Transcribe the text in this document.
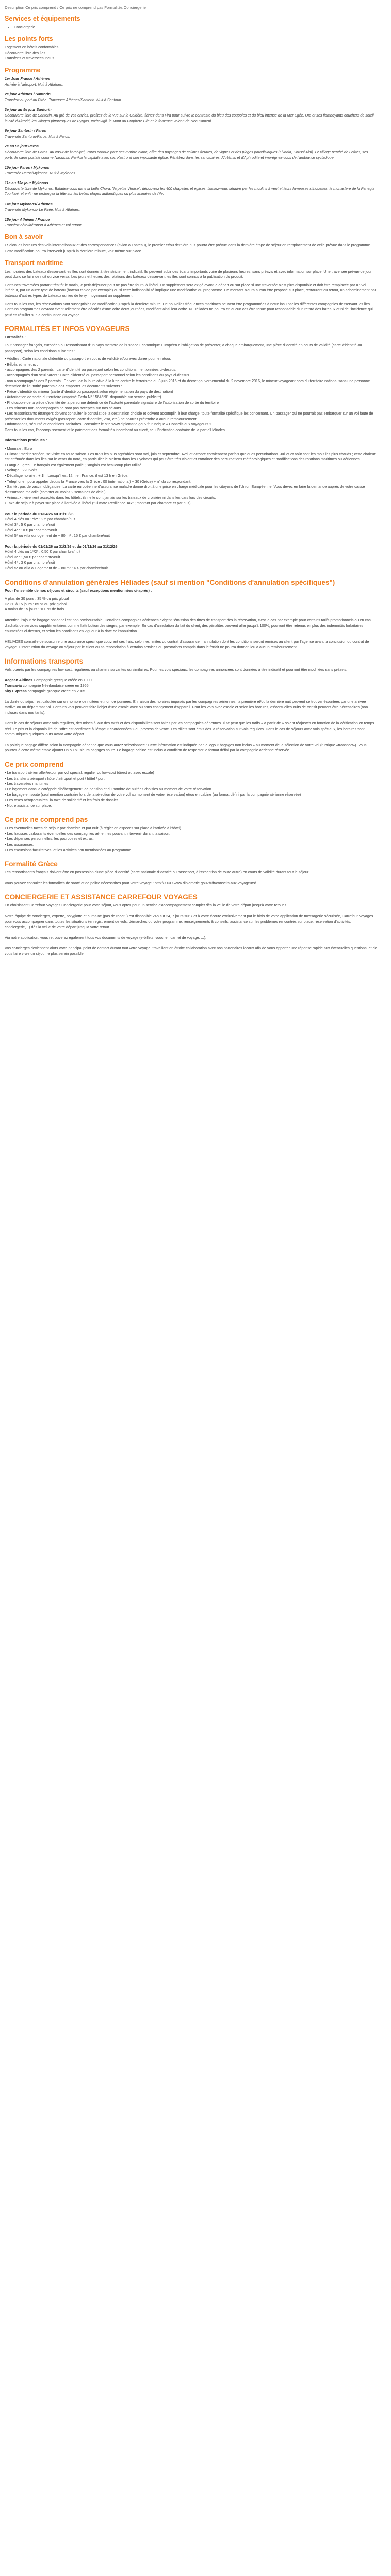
Description Ce prix comprend / Ce prix ne comprend pas Formalités Conciergerie
Services et équipements
• Conciergerie
Les points forts
Logement en hôtels confortables.
Découverte libre des îles.
Transferts et traversées inclus
Programme
1er Jour France / Athènes
Arrivée à l'aéroport. Nuit à Athènes.
2e jour Athènes / Santorin
Transfert au port du Pirée. Traversée Athènes/Santorin. Nuit à Santorin.
3e jour au 5e jour Santorin
Découverte libre de Santorin. Au gré de vos envies, profitez de la vue sur la Caldéra, flânez dans Fira pour suivre le contraste du bleu des coupoles et du bleu intense de la Mer Egée, Oïa et ses flamboyants couchers de soleil, la cité d'Akrotiri, les villages pittoresques de Pyrgos, Imérovigli, le Mont du Prophète Elie et le fameuse volcan de Nea Kameni.
6e jour Santorin / Paros
Traversée Santorin/Paros. Nuit à Paros.
7e au 9e jour Paros
Découverte libre de Paros. Au cœur de l'archipel, Paros connue pour ses marbre blanc, offre des paysages de collines fleuries, de vignes et des plages paradisiaques (Livadia, Chrissi Akti). Le village perché de Lefkès, ses ports de carte postale comme Naoussa, Parikia la capitale avec son Kastro et son imposante église. Pénétrez dans les sanctuaires d'Artémis et d'Aphrodite et imprégnez-vous de l'ambiance cycladique.
10e jour Paros / Mykonos
Traversée Paros/Mykonos. Nuit à Mykonos.
11e au 13e jour Mykonos
Découverte libre de Mykonos. Baladez-vous dans la belle Chora, "la petite Venise", découvrez les 400 chapelles et églises, laissez-vous séduire par les moulins à vent et leurs fameuses silhouettes, le monastère de la Panagia Tourliani, et enfin ne prolongez la fête sur les belles plages authentiques ou plus animées de l'île.
14e jour Mykonos/ Athènes
Traversée Mykonos/ Le Pirée. Nuit à Athènes.
15e jour Athènes / France
Transfert hôtel/aéroport à Athènes et vol retour.
Bon à savoir

• Selon les horaires des vols internationaux et des correspondances (avion ou bateau), le premier et/ou dernière nuit pourra être prévue dans la dernière étape de séjour en remplacement de celle prévue dans le programme. Cette modification pourra intervenir jusqu'à la dernière minute, voir même sur place.

Transport maritime

Les horaires des bateaux desservant les îles sont donnés à titre strictement indicatif. Ils peuvent subir des écarts importants voire de plusieurs heures, sans préavis et avec information sur place. Une traversée prévue de jour peut donc se faire de nuit ou vice versa. Les jours et heures des rotations des bateaux desservant les îles sont connus à la publication du produit.

Certaines traversées partant très tôt le matin, le petit-déjeuner peut ne pas être fourni à l'hôtel. Un supplément sera exigé avant le départ ou sur place si une traversée n'est plus disponible et doit être remplacée par un vol intérieur, par un autre type de bateau (bateau rapide par exemple) ou si cette indisponibilité implique une modification du programme. Ce montant n'aura aucun être proposé sur place, restaurant ou retour, un acheminement par bateaux d'autres types de bateaux ou lieu de ferry, moyennant un supplément.

Dans tous les cas, les réservations sont susceptibles de modification jusqu'à la dernière minute. De nouvelles fréquences maritimes peuvent être programmées à notre insu par les différentes compagnies desservant les îles. Certains programmes devront éventuellement être décalés d'une voire deux journées, modifiant ainsi leur ordre. Ni Héliades ne pourra en aucun cas être tenue pour responsable d'un retard des bateaux et ni de l'incidence qui peut en résulter sur la continuation du voyage.

FORMALITÉS ET INFOS VOYAGEURS

Formalités :

Tout passager français, européen ou ressortissant d'un pays membre de l'Espace Economique Européen a l'obligation de présenter, à chaque embarquement, une pièce d'identité en cours de validité (carte d'identité ou passeport), selon les conditions suivantes :

• Adultes : Carte nationale d'identité ou passeport en cours de validité et/ou avec durée pour le retour.
• Bébés et mineurs :
- accompagnés des 2 parents : carte d'identité ou passeport selon les conditions mentionnées ci-dessus.
- accompagnés d'un seul parent : Carte d'identité ou passeport personnel selon les conditions du pays ci-dessus.
- non accompagnés des 2 parents : En vertu de la loi relative à la lutte contre le terrorisme du 3 juin 2016 et du décret gouvernemental du 2 novembre 2016, le mineur voyageant hors du territoire national sans une personne détentrice de l'autorité parentale doit emporter les documents suivants :
• Pièce d'identité du mineur (carte d'identité ou passeport selon réglementation du pays de destination)
• Autorisation de sortie du territoire (imprimé Cerfa N° 15646*01 disponible sur service-public.fr)
• Photocopie de la pièce d'identité de la personne détentrice de l'autorité parentale signataire de l'autorisation de sortie du territoire
- Les mineurs non-accompagnés ne sont pas acceptés sur nos séjours.
• Les ressortissants étrangers doivent consulter le consulat de la destination choisie et doivent accomplir, à leur charge, toute formalité spécifique les concernant. Un passager qui ne pourrait pas embarquer sur un vol faute de présenter les documents exigés (passeport, carte d'identité, visa, etc.) ne pourrait prétendre à aucun remboursement.
• Informations, sécurité et conditions sanitaires : consultez le site www.diplomatie.gouv.fr, rubrique « Conseils aux voyageurs »
Dans tous les cas, l'accomplissement et le paiement des formalités incombent au client, seul l'indication contraire de la part d'Héliades.

Informations pratiques :

• Monnaie : Euro
• Climat : méditerranéen, se visite en toute saison. Les mois les plus agréables sont mai, juin et septembre. Avril et octobre conviennent parfois quelques perturbations. Juillet et août sont les mois les plus chauds ; cette chaleur est atténuée dans les îles par le vents du nord, en particulier le Meltem dans les Cyclades qui peut être très violent et entraîner des perturbations météorologiques et modifications des rotations maritimes ou aériennes.
• Langue : grec. Le français est également parlé ; l'anglais est beaucoup plus utilisé.
• Voltage : 220 volts.
• Décalage horaire : + 1h. Lorsqu'il est 12 h en France, il est 13 h en Grèce.
• Téléphone : pour appeler depuis la France vers la Grèce : 00 (international) + 30 (Grèce) + n° du correspondant.
• Santé : pas de vaccin obligatoire. La carte européenne d'assurance maladie donne droit à une prise en charge médicale pour les citoyens de l'Union Européenne. Vous devez en faire la demande auprès de votre caisse d'assurance maladie (compter au moins 2 semaines de délai).
• Animaux : vivement acceptés dans les hôtels, ils ne le sont jamais sur les bateaux de croisière ni dans les cars lors des circuits.
• Taxe de séjour à payer sur place à l'arrivée à l'hôtel ("Climate Resilience Tax" ; montant par chambre et par nuit) :
Pour la période du 01/04/26 au 31/10/26
Hôtel 4 clés ou 1*/2* : 2 € par chambre/nuit
Hôtel 3* : 5 € par chambre/nuit
Hôtel 4* : 10 € par chambre/nuit
Hôtel 5* ou villa ou logement de + 80 m² : 15 € par chambre/nuit
Pour la période du 01/01/26 au 31/3/26 et du 01/11/26 au 31/12/26
Hôtel 4 clés ou 1*/2* : 0,50 € par chambre/nuit
Hôtel 3* : 1,50 € par chambre/nuit
Hôtel 4* : 3 € par chambre/nuit
Hôtel 5* ou villa ou logement de + 80 m² : 4 € par chambre/nuit
Conditions d'annulation générales Héliades (sauf si mention "Conditions d'annulation spécifiques")

Pour l'ensemble de nos séjours et circuits (sauf exceptions mentionnées ci-après) :

A plus de 30 jours : 35 % du prix global
De 30 à 15 jours : 85 % du prix global
A moins de 15 jours : 100 % de frais

Attention, l'ajout de bagage optionnel est non remboursable. Certaines compagnies aériennes exigent l'émission des titres de transport dès la réservation, c'est le cas par exemple pour certains tarifs promotionnels ou en cas d'achats de services supplémentaires comme l'attribution des sièges, par exemple. En cas d'annulation du fait du client, des pénalités peuvent aller jusqu'à 100%, pourront être retenus en plus des indemnités forfaitaires énumérées ci-dessus, et selon les conditions en vigueur à la date de l'annulation.

HELIADES conseille de souscrire une assurance spécifique couvrant ces frais, selon les limites du contrat d'assurance – annulation dont les conditions seront remises au client par l'agence avant la conclusion du contrat de voyage. L'interruption du voyage ou séjour par le client ou sa renonciation à certains services ou prestations compris dans le forfait ne pourra donner lieu à aucun remboursement.

Informations transports

Vols opérés par les compagnies low cost, régulières ou charters suivantes ou similaires. Pour les vols spéciaux, les compagnies annoncées sont données à titre indicatif et pourront être modifiées sans préavis.

Aegean Airlines Compagnie grecque créée en 1999
Transavia compagnie Néerlandaise créée en 1965
Sky Express compagnie grecque créée en 2005

La durée du séjour est calculée sur un nombre de nuitées et non de journées. En raison des horaires imposés par les compagnies aériennes, la première et/ou la dernière nuit peuvent se trouver écourtées par une arrivée tardive ou un départ matinal. Certains vols peuvent faire l'objet d'une escale avec ou sans changement d'appareil. Pour les vols avec escale et selon les horaires, d'éventuelles nuits de transit peuvent être nécessaires (non incluses dans nos tarifs).

Dans le cas de séjours avec vols réguliers, des mises à jour des tarifs et des disponibilités sont faites par les compagnies aériennes. Il se peut que les tarifs « à partir de » soient réajustés en fonction de la vérification en temps réel. Le prix et la disponibilité de l'offre est confirmée à l'étape « coordonnées » du process de vente. Les billets sont émis dès la réservation sur vols réguliers. Dans le cas de séjours avec vols spéciaux, les horaires sont communiqués quelques jours avant votre départ.

La politique bagage diffère selon la compagnie aérienne que vous aurez sélectionnée : Cette information est indiquée par le logo « bagages non inclus » au moment de la sélection de votre vol (rubrique «transport»). Vous pourrez à cette même étape ajouter un ou plusieurs bagages soute. Le bagage cabine est inclus à condition de respecter le format défini par la compagnie aérienne réservée.

Ce prix comprend
• Le transport aérien aller/retour par vol spécial, régulier ou low-cost (direct ou avec escale)
• Les transferts aéroport / hôtel / aéroport et port / hôtel / port
• Les traversées maritimes
• Le logement dans la catégorie d'hébergement, de pension et du nombre de nuitées choisies au moment de votre réservation.
• Le bagage en soute (seul mention contraire lors de la sélection de votre vol au moment de votre réservation) et/ou en cabine (au format défini par la compagnie aérienne réservée)
• Les taxes aéroportuaires, la taxe de solidarité et les frais de dossier
• Notre assistance sur place.
Ce prix ne comprend pas
• Les éventuelles taxes de séjour par chambre et par nuit (à régler en espèces sur place à l'arrivée à l'hôtel).
• Les hausses carburants éventuelles des compagnies aériennes pouvant intervenir durant la saison.
• Les dépenses personnelles, les pourboires et extras.
• Les assurances.
• Les excursions facultatives, et les activités non mentionnées au programme.
Formalité Grèce

Les ressortissants français doivent être en possession d'une pièce d'identité (carte nationale d'identité ou passeport, à l'exception de toute autre) en cours de validité durant tout le séjour.

Vous pouvez consulter les formalités de santé et de police nécessaires pour votre voyage : http://XXXXwww.diplomatie.gouv.fr/fr/conseils-aux-voyageurs/

CONCIERGERIE ET ASSISTANCE CARREFOUR VOYAGES

En choisissant Carrefour Voyages Conciergerie pour votre séjour, vous optez pour un service d'accompagnement complet dès la veille de votre départ jusqu'à votre retour !

Notre équipe de concierges, experte, polyglotte et humaine (pas de robot !) est disponible 24h sur 24, 7 jours sur 7 et à votre écoute exclusivement par le biais de votre application de messagerie sécurisée, Carrefour Voyages pour vous accompagner dans toutes les situations (enregistrement de vols, démarches ou votre programme, renseignements & conseils, assistance sur les problèmes rencontrés sur place, réservation d'activités, conciergerie,...) dès la veille de votre départ jusqu'à votre retour.

Via notre application, vous retrouverez également tous vos documents de voyage (e-billets, voucher, carnet de voyage, ...).

Vos concierges deviennent alors votre principal point de contact durant tout votre voyage, travaillant en étroite collaboration avec nos partenaires locaux afin de vous apporter une réponse rapide aux éventuelles questions, et de vous faire vivre un séjour le plus serein possible.
